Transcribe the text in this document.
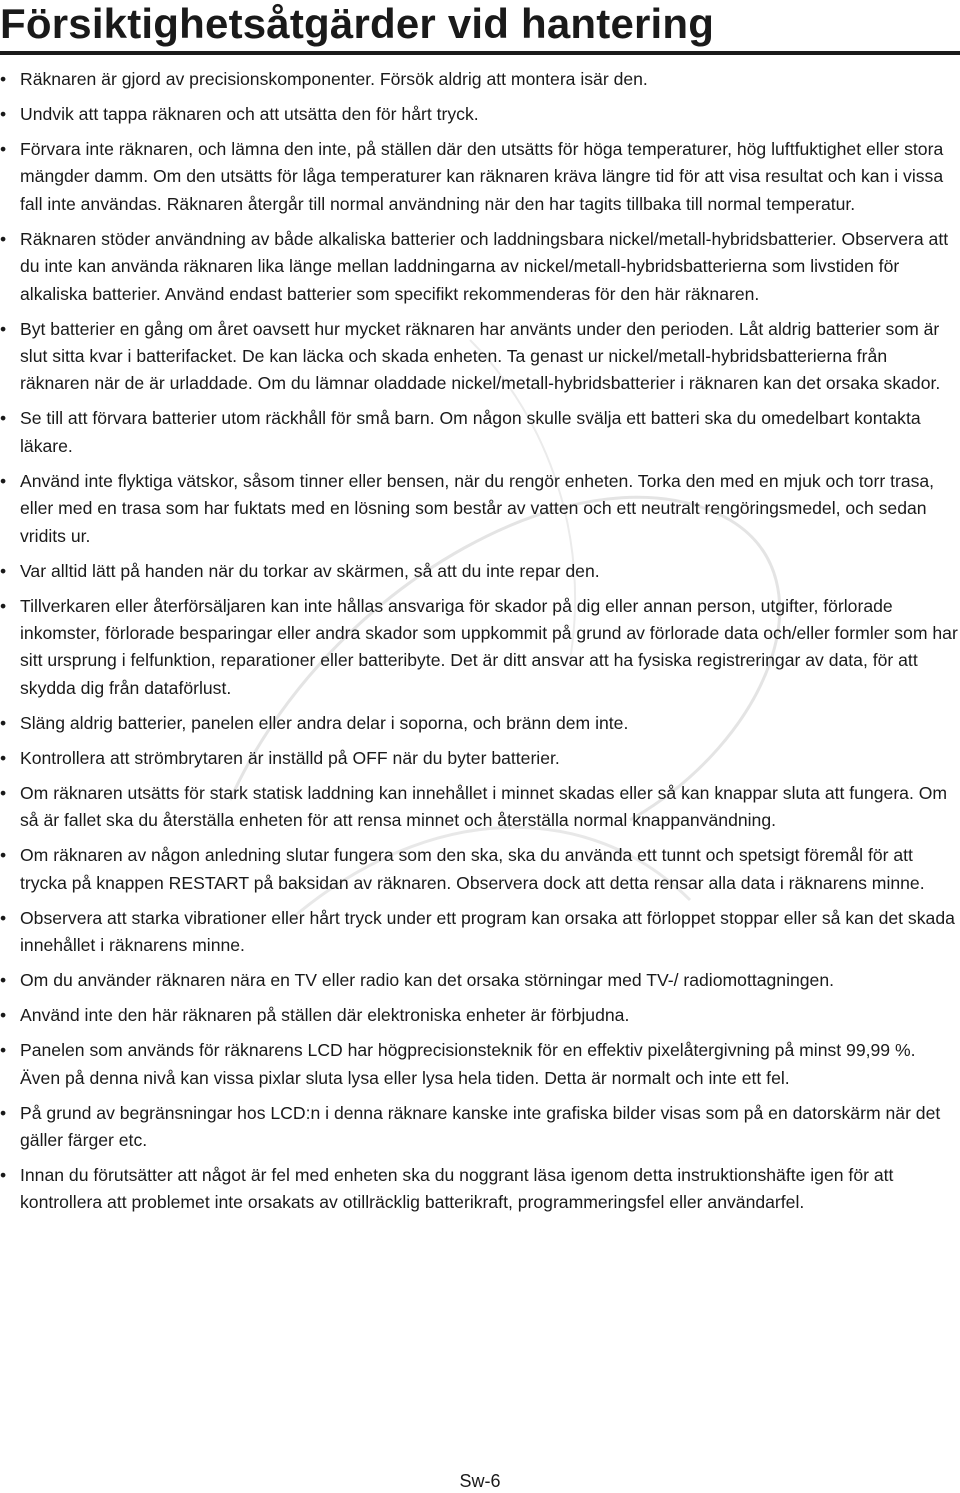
Försiktighetsåtgärder vid hantering
• Räknaren är gjord av precisionskomponenter. Försök aldrig att montera isär den.
• Undvik att tappa räknaren och att utsätta den för hårt tryck.
• Förvara inte räknaren, och lämna den inte, på ställen där den utsätts för höga temperaturer, hög luftfuktighet eller stora mängder damm. Om den utsätts för låga temperaturer kan räknaren kräva längre tid för att visa resultat och kan i vissa fall inte användas. Räknaren återgår till normal användning när den har tagits tillbaka till normal temperatur.
• Räknaren stöder användning av både alkaliska batterier och laddningsbara nickel/metall-hybridsbatterier. Observera att du inte kan använda räknaren lika länge mellan laddningarna av nickel/metall-hybridsbatterierna som livstiden för alkaliska batterier. Använd endast batterier som specifikt rekommenderas för den här räknaren.
• Byt batterier en gång om året oavsett hur mycket räknaren har använts under den perioden. Låt aldrig batterier som är slut sitta kvar i batterifacket. De kan läcka och skada enheten. Ta genast ur nickel/metall-hybridsbatterierna från räknaren när de är urladdade. Om du lämnar oladdade nickel/metall-hybridsbatterier i räknaren kan det orsaka skador.
• Se till att förvara batterier utom räckhåll för små barn. Om någon skulle svälja ett batteri ska du omedelbart kontakta läkare.
• Använd inte flyktiga vätskor, såsom tinner eller bensen, när du rengör enheten. Torka den med en mjuk och torr trasa, eller med en trasa som har fuktats med en lösning som består av vatten och ett neutralt rengöringsmedel, och sedan vridits ur.
• Var alltid lätt på handen när du torkar av skärmen, så att du inte repar den.
• Tillverkaren eller återförsäljaren kan inte hållas ansvariga för skador på dig eller annan person, utgifter, förlorade inkomster, förlorade besparingar eller andra skador som uppkommit på grund av förlorade data och/eller formler som har sitt ursprung i felfunktion, reparationer eller batteribyte. Det är ditt ansvar att ha fysiska registreringar av data, för att skydda dig från dataförlust.
• Släng aldrig batterier, panelen eller andra delar i soporna, och bränn dem inte.
• Kontrollera att strömbrytaren är inställd på OFF när du byter batterier.
• Om räknaren utsätts för stark statisk laddning kan innehållet i minnet skadas eller så kan knappar sluta att fungera. Om så är fallet ska du återställa enheten för att rensa minnet och återställa normal knappanvändning.
• Om räknaren av någon anledning slutar fungera som den ska, ska du använda ett tunnt och spetsigt föremål för att trycka på knappen RESTART på baksidan av räknaren. Observera dock att detta rensar alla data i räknarens minne.
• Observera att starka vibrationer eller hårt tryck under ett program kan orsaka att förloppet stoppar eller så kan det skada innehållet i räknarens minne.
• Om du använder räknaren nära en TV eller radio kan det orsaka störningar med TV-/ radiomottagningen.
• Använd inte den här räknaren på ställen där elektroniska enheter är förbjudna.
• Panelen som används för räknarens LCD har högprecisionsteknik för en effektiv pixelåtergivning på minst 99,99 %. Även på denna nivå kan vissa pixlar sluta lysa eller lysa hela tiden. Detta är normalt och inte ett fel.
• På grund av begränsningar hos LCD:n i denna räknare kanske inte grafiska bilder visas som på en datorskärm när det gäller färger etc.
• Innan du förutsätter att något är fel med enheten ska du noggrant läsa igenom detta instruktionshäfte igen för att kontrollera att problemet inte orsakats av otillräcklig batterikraft, programmeringsfel eller användarfel.
Sw-6
